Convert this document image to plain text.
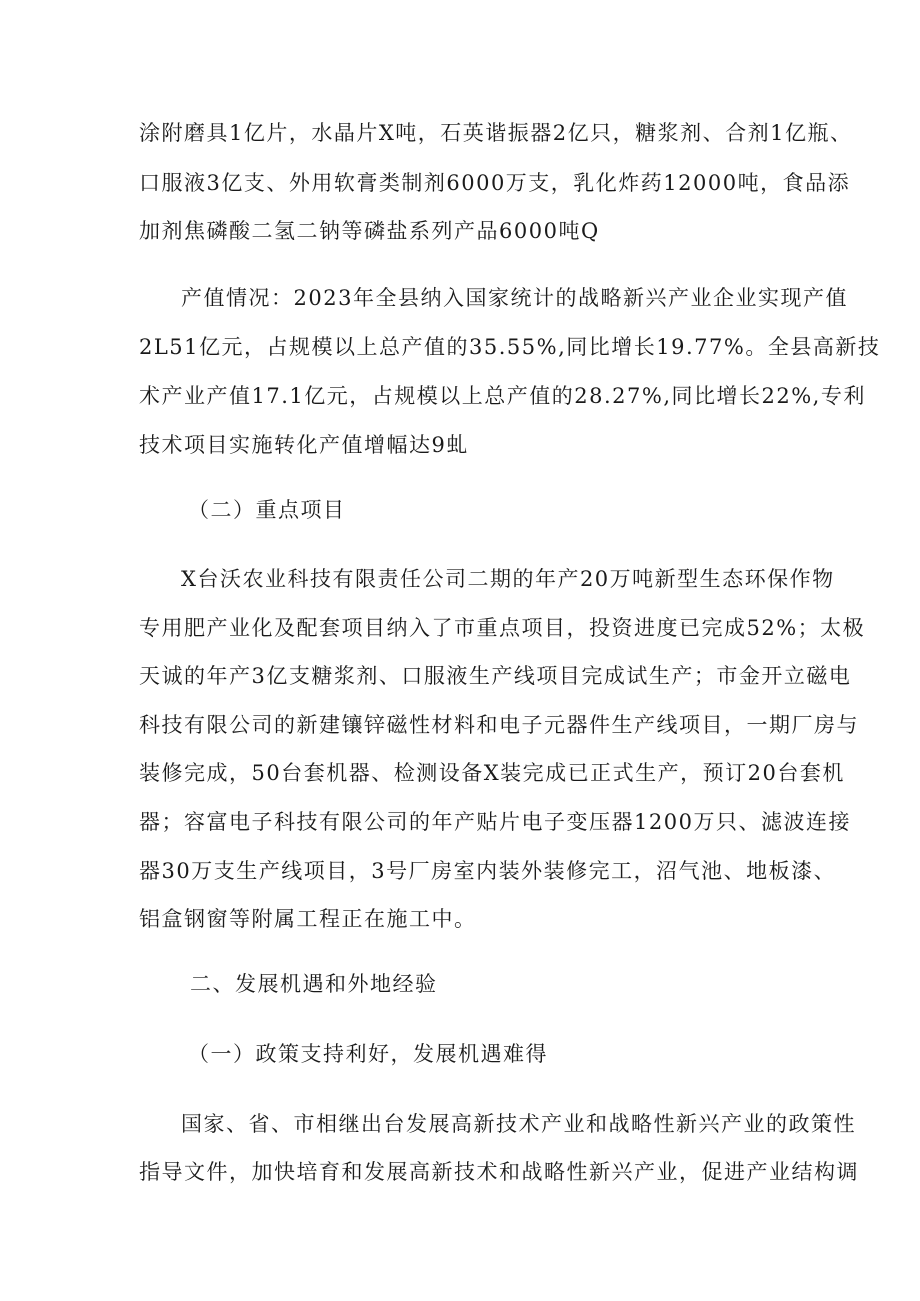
涂附磨具1亿片，水晶片X吨，石英谐振器2亿只，糖浆剂、合剂1亿瓶、
口服液3亿支、外用软膏类制剂6000万支，乳化炸药12000吨，食品添
加剂焦磷酸二氢二钠等磷盐系列产品6000吨Q
产值情况：2023年全县纳入国家统计的战略新兴产业企业实现产值
2L51亿元，占规模以上总产值的35.55%,同比增长19.77%。全县高新技
术产业产值17.1亿元，占规模以上总产值的28.27%,同比增长22%,专利
技术项目实施转化产值增幅达9虬
（二）重点项目
X台沃农业科技有限责任公司二期的年产20万吨新型生态环保作物
专用肥产业化及配套项目纳入了市重点项目，投资进度已完成52%；太极
天诚的年产3亿支糖浆剂、口服液生产线项目完成试生产；市金开立磁电
科技有限公司的新建镶锌磁性材料和电子元器件生产线项目，一期厂房与
装修完成，50台套机器、检测设备X装完成已正式生产，预订20台套机
器；容富电子科技有限公司的年产贴片电子变压器1200万只、滤波连接
器30万支生产线项目，3号厂房室内装外装修完工，沼气池、地板漆、
铝盒钢窗等附属工程正在施工中。
二、发展机遇和外地经验
（一）政策支持利好，发展机遇难得
国家、省、市相继出台发展高新技术产业和战略性新兴产业的政策性
指导文件，加快培育和发展高新技术和战略性新兴产业，促进产业结构调
